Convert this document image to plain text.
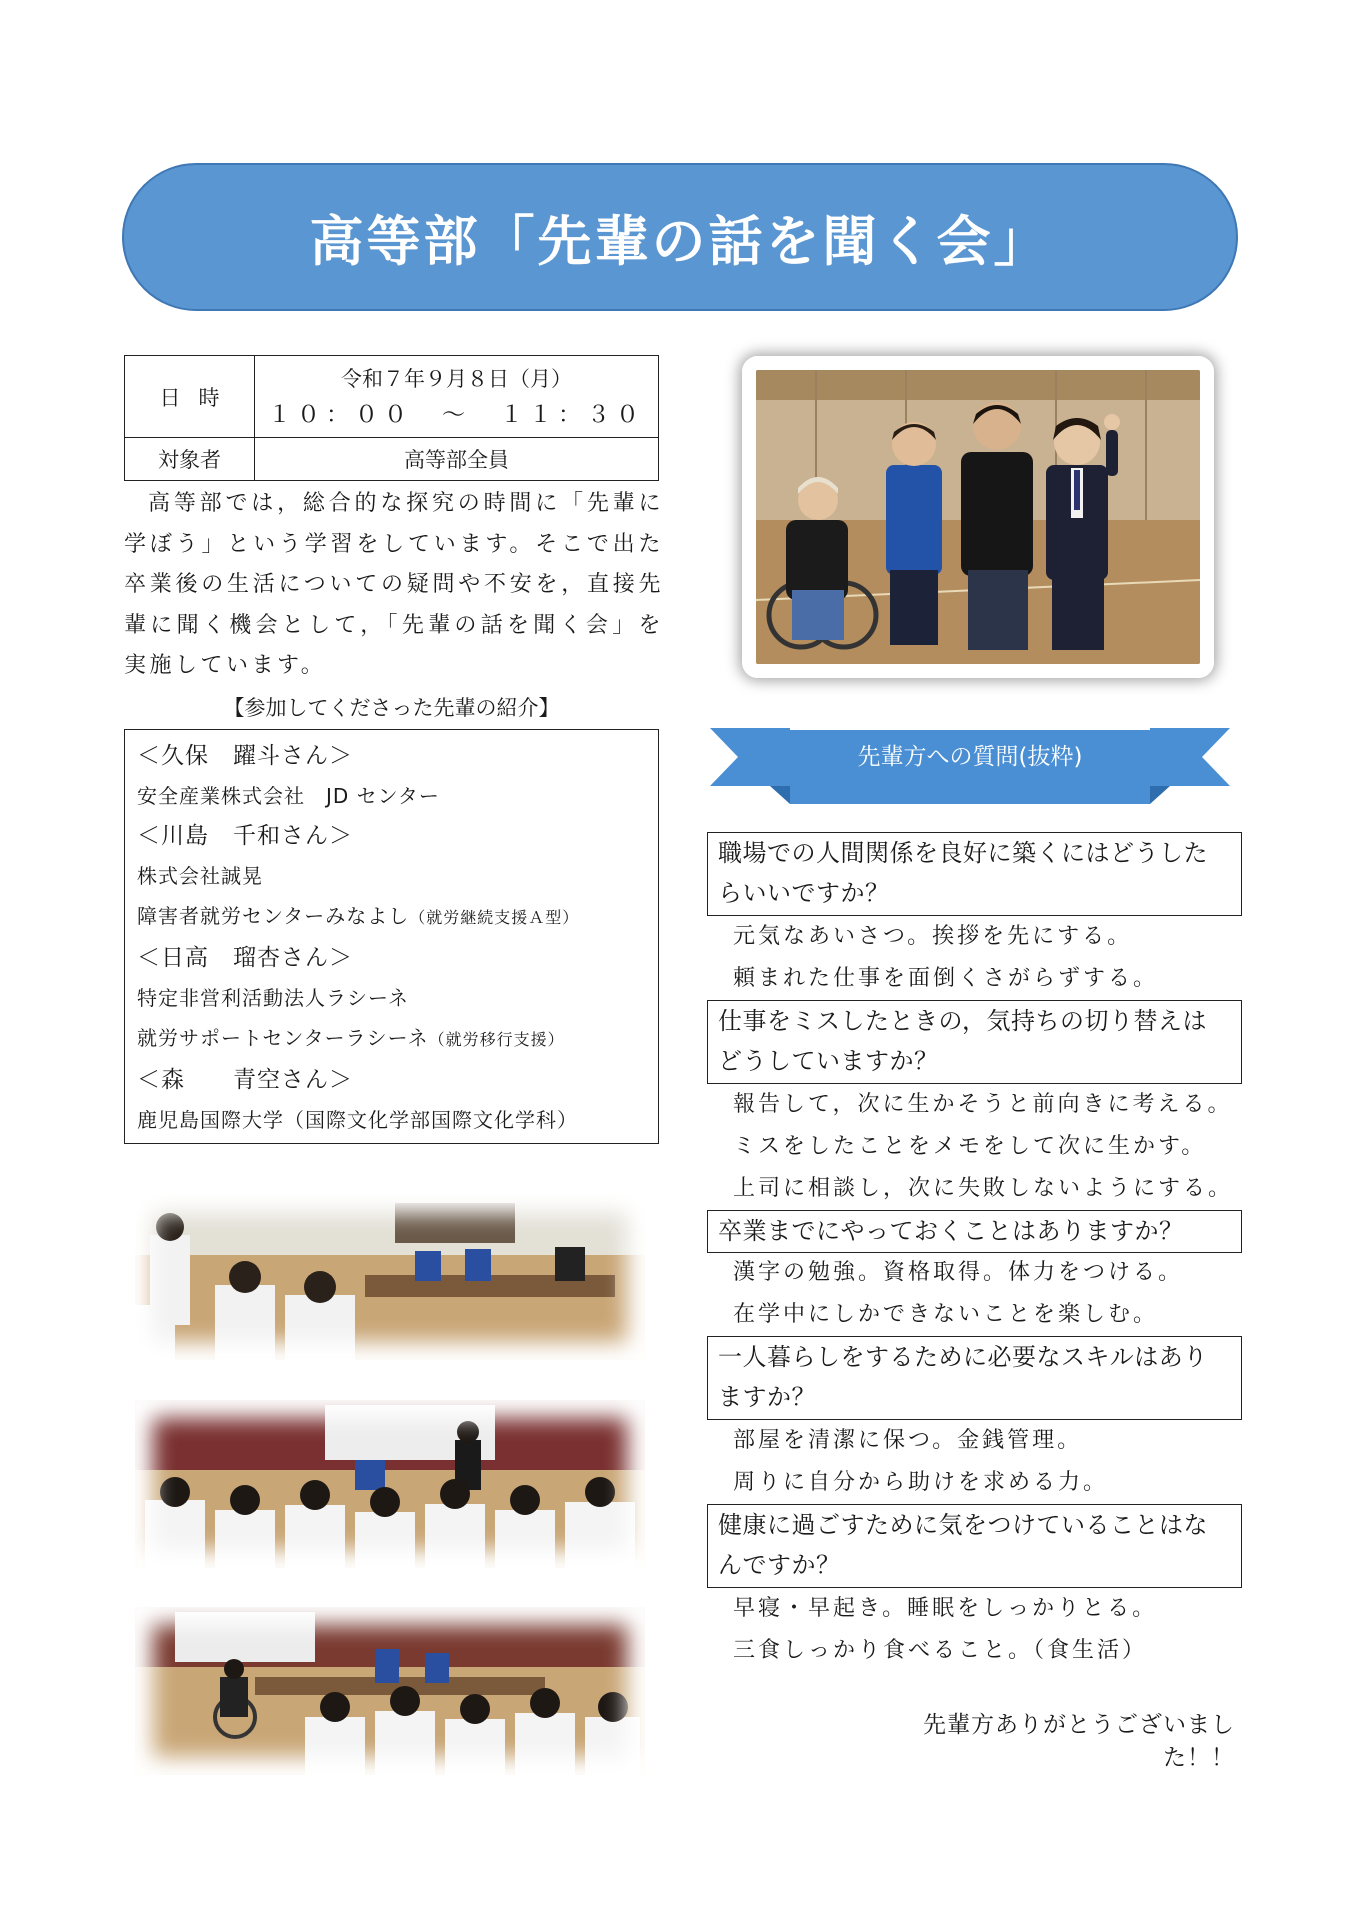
高等部「先輩の話を聞く会」
日時
令和７年９月８日（月）
１０：００　～　１１：３０
対象者	高等部全員
高等部では，総合的な探究の時間に「先輩に学ぼう」という学習をしています。そこで出た卒業後の生活についての疑問や不安を，直接先輩に聞く機会として，「先輩の話を聞く会」を実施しています。
【参加してくださった先輩の紹介】
＜久保　躍斗さん＞
安全産業株式会社　JD センター
＜川島　千和さん＞
株式会社誠晃
障害者就労センターみなよし（就労継続支援Ａ型）
＜日高　瑠杏さん＞
特定非営利活動法人ラシーネ
就労サポートセンターラシーネ（就労移行支援）
＜森　　青空さん＞
鹿児島国際大学（国際文化学部国際文化学科）
先輩方への質問(抜粋)
職場での人間関係を良好に築くにはどうしたらいいですか？
元気なあいさつ。挨拶を先にする。
頼まれた仕事を面倒くさがらずする。
仕事をミスしたときの，気持ちの切り替えはどうしていますか？
報告して，次に生かそうと前向きに考える。
ミスをしたことをメモをして次に生かす。
上司に相談し，次に失敗しないようにする。
卒業までにやっておくことはありますか？
漢字の勉強。資格取得。体力をつける。
在学中にしかできないことを楽しむ。
一人暮らしをするために必要なスキルはありますか？
部屋を清潔に保つ。金銭管理。
周りに自分から助けを求める力。
健康に過ごすために気をつけていることはなんですか？
早寝・早起き。睡眠をしっかりとる。
三食しっかり食べること。（食生活）
先輩方ありがとうございました！！
